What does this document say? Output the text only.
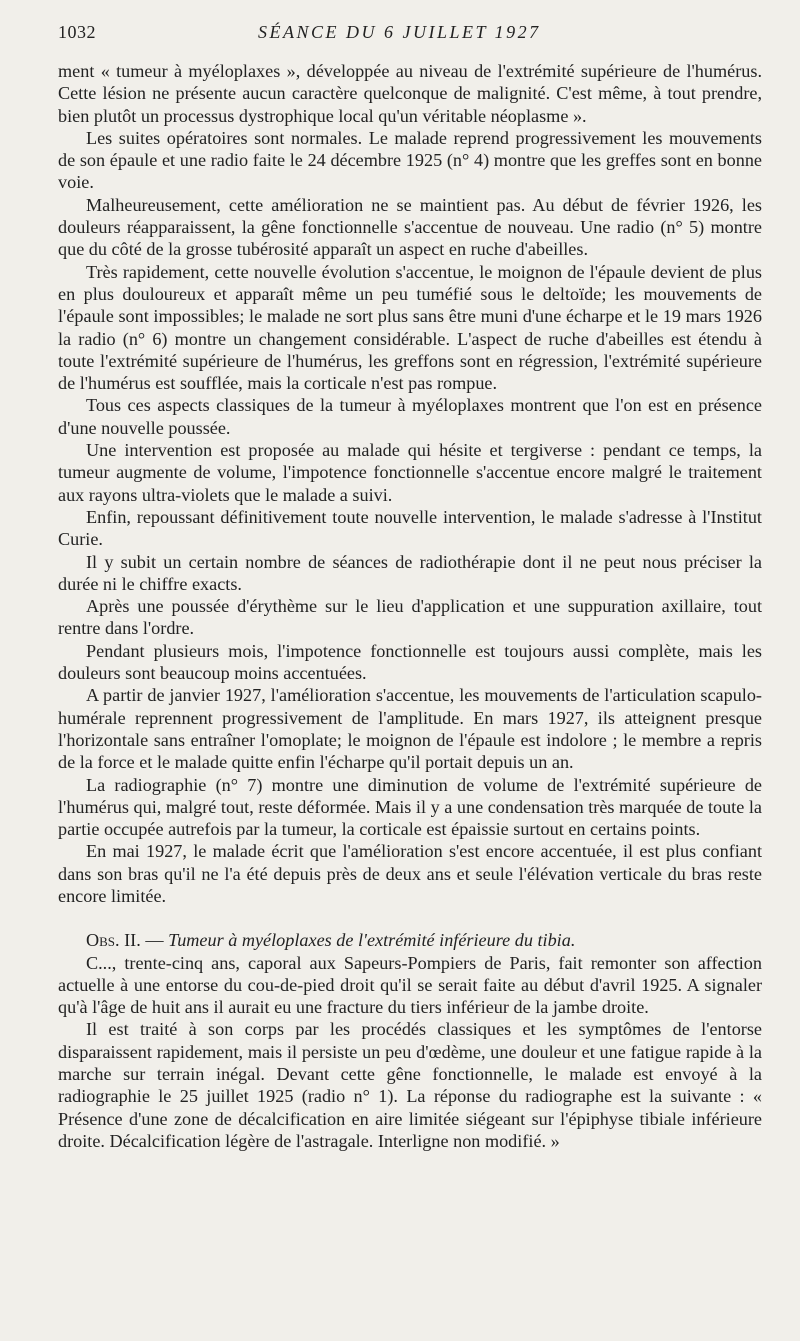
1032	SÉANCE DU 6 JUILLET 1927

ment « tumeur à myéloplaxes », développée au niveau de l'extrémité supérieure de l'humérus. Cette lésion ne présente aucun caractère quelconque de malignité. C'est même, à tout prendre, bien plutôt un processus dystrophique local qu'un véritable néoplasme ».

Les suites opératoires sont normales. Le malade reprend progressivement les mouvements de son épaule et une radio faite le 24 décembre 1925 (n° 4) montre que les greffes sont en bonne voie.

Malheureusement, cette amélioration ne se maintient pas. Au début de février 1926, les douleurs réapparaissent, la gêne fonctionnelle s'accentue de nouveau. Une radio (n° 5) montre que du côté de la grosse tubérosité apparaît un aspect en ruche d'abeilles.

Très rapidement, cette nouvelle évolution s'accentue, le moignon de l'épaule devient de plus en plus douloureux et apparaît même un peu tuméfié sous le deltoïde; les mouvements de l'épaule sont impossibles; le malade ne sort plus sans être muni d'une écharpe et le 19 mars 1926 la radio (n° 6) montre un changement considérable. L'aspect de ruche d'abeilles est étendu à toute l'extrémité supérieure de l'humérus, les greffons sont en régression, l'extrémité supérieure de l'humérus est soufflée, mais la corticale n'est pas rompue.

Tous ces aspects classiques de la tumeur à myéloplaxes montrent que l'on est en présence d'une nouvelle poussée.

Une intervention est proposée au malade qui hésite et tergiverse : pendant ce temps, la tumeur augmente de volume, l'impotence fonctionnelle s'accentue encore malgré le traitement aux rayons ultra-violets que le malade a suivi.

Enfin, repoussant définitivement toute nouvelle intervention, le malade s'adresse à l'Institut Curie.

Il y subit un certain nombre de séances de radiothérapie dont il ne peut nous préciser la durée ni le chiffre exacts.

Après une poussée d'érythème sur le lieu d'application et une suppuration axillaire, tout rentre dans l'ordre.

Pendant plusieurs mois, l'impotence fonctionnelle est toujours aussi complète, mais les douleurs sont beaucoup moins accentuées.

A partir de janvier 1927, l'amélioration s'accentue, les mouvements de l'articulation scapulo-humérale reprennent progressivement de l'amplitude. En mars 1927, ils atteignent presque l'horizontale sans entraîner l'omoplate; le moignon de l'épaule est indolore ; le membre a repris de la force et le malade quitte enfin l'écharpe qu'il portait depuis un an.

La radiographie (n° 7) montre une diminution de volume de l'extrémité supérieure de l'humérus qui, malgré tout, reste déformée. Mais il y a une condensation très marquée de toute la partie occupée autrefois par la tumeur, la corticale est épaissie surtout en certains points.

En mai 1927, le malade écrit que l'amélioration s'est encore accentuée, il est plus confiant dans son bras qu'il ne l'a été depuis près de deux ans et seule l'élévation verticale du bras reste encore limitée.

Obs. II. — Tumeur à myéloplaxes de l'extrémité inférieure du tibia.

C..., trente-cinq ans, caporal aux Sapeurs-Pompiers de Paris, fait remonter son affection actuelle à une entorse du cou-de-pied droit qu'il se serait faite au début d'avril 1925. A signaler qu'à l'âge de huit ans il aurait eu une fracture du tiers inférieur de la jambe droite.

Il est traité à son corps par les procédés classiques et les symptômes de l'entorse disparaissent rapidement, mais il persiste un peu d'œdème, une douleur et une fatigue rapide à la marche sur terrain inégal. Devant cette gêne fonctionnelle, le malade est envoyé à la radiographie le 25 juillet 1925 (radio n° 1). La réponse du radiographe est la suivante : « Présence d'une zone de décalcification en aire limitée siégeant sur l'épiphyse tibiale inférieure droite. Décalcification légère de l'astragale. Interligne non modifié. »
